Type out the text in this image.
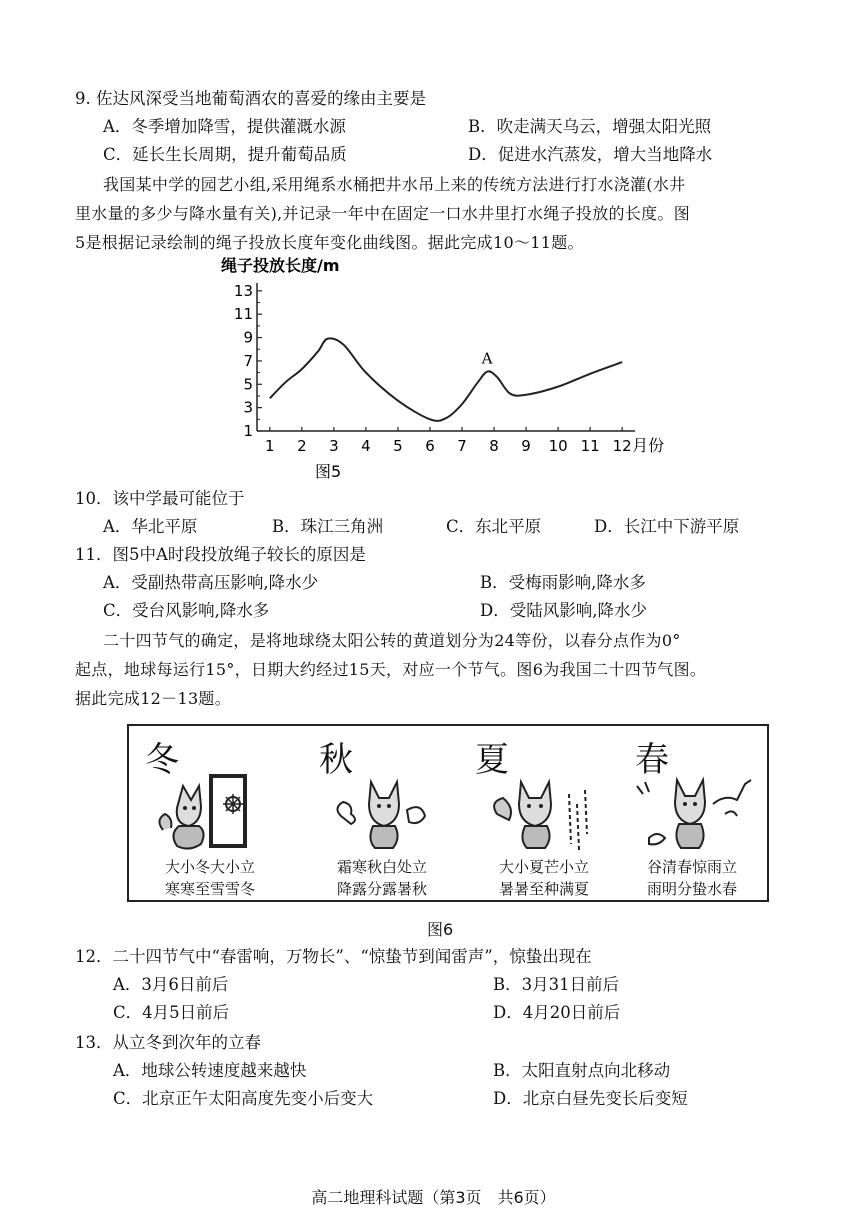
9. 佐达风深受当地葡萄酒农的喜爱的缘由主要是
A．冬季增加降雪，提供灌溉水源	B．吹走满天乌云，增强太阳光照
C．延长生长周期，提升葡萄品质	D．促进水汽蒸发，增大当地降水
我国某中学的园艺小组,采用绳系水桶把井水吊上来的传统方法进行打水浇灌(水井
里水量的多少与降水量有关),并记录一年中在固定一口水井里打水绳子投放的长度。图
5是根据记录绘制的绳子投放长度年变化曲线图。据此完成10～11题。
绳子投放长度/m
13
11
9
7
5
3
1
1 2 3 4 5 6 7 8 9 10 11 12 月份
A
图5
10．该中学最可能位于
A．华北平原	B．珠江三角洲	C．东北平原	D．长江中下游平原
11．图5中A时段投放绳子较长的原因是
A．受副热带高压影响,降水少	B．受梅雨影响,降水多
C．受台风影响,降水多	D．受陆风影响,降水少
二十四节气的确定，是将地球绕太阳公转的黄道划分为24等份，以春分点作为0°
起点，地球每运行15°，日期大约经过15天，对应一个节气。图6为我国二十四节气图。
据此完成12－13题。
冬
大小冬大小立
寒寒至雪雪冬
秋
霜寒秋白处立
降露分露暑秋
夏
大小夏芒小立
暑暑至种满夏
春
谷清春惊雨立
雨明分蛰水春
图6
12．二十四节气中“春雷响，万物长”、“惊蛰节到闻雷声”，惊蛰出现在
A．3月6日前后	B．3月31日前后
C．4月5日前后	D．4月20日前后
13．从立冬到次年的立春
A．地球公转速度越来越快	B．太阳直射点向北移动
C．北京正午太阳高度先变小后变大	D．北京白昼先变长后变短
高二地理科试题（第3页　共6页）
